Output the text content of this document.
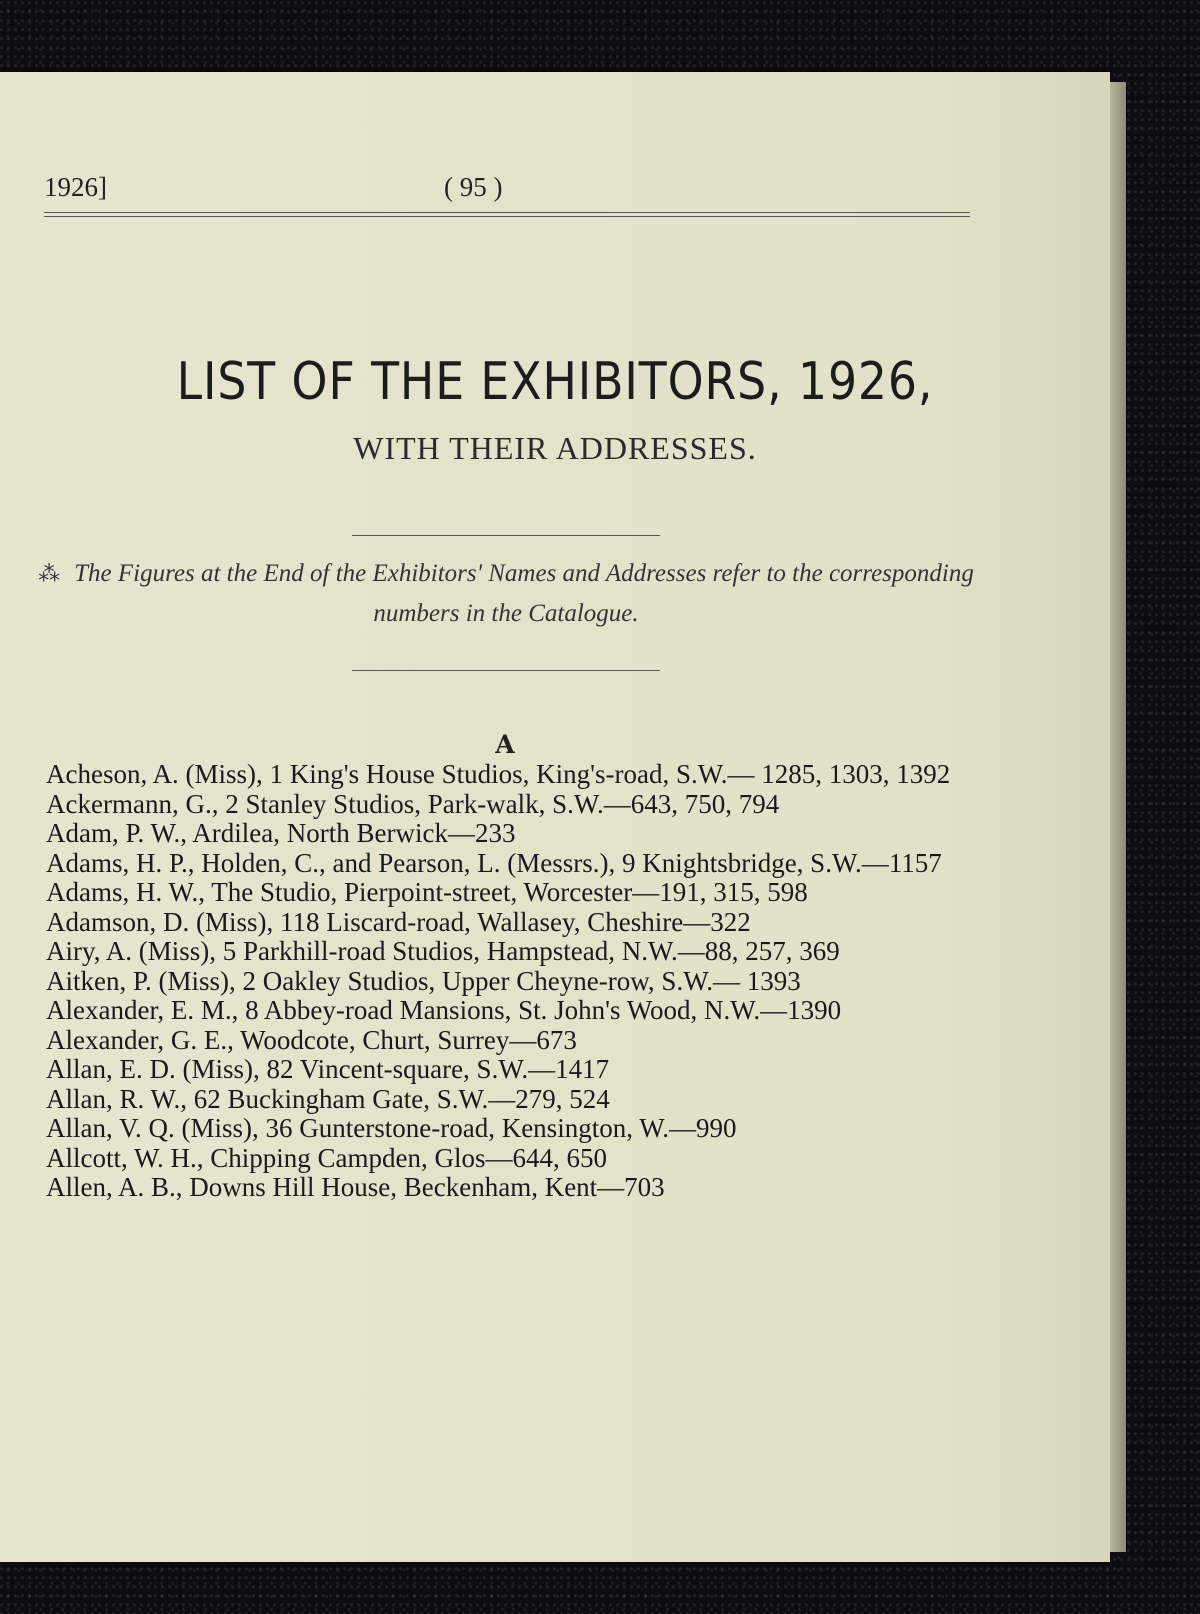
1926]	( 95 )
LIST OF THE EXHIBITORS, 1926,
WITH THEIR ADDRESSES.
⁂ The Figures at the End of the Exhibitors' Names and Addresses refer to the corresponding numbers in the Catalogue.
A
Acheson, A. (Miss), 1 King's House Studios, King's-road, S.W.— 1285, 1303, 1392
Ackermann, G., 2 Stanley Studios, Park-walk, S.W.—643, 750, 794
Adam, P. W., Ardilea, North Berwick—233
Adams, H. P., Holden, C., and Pearson, L. (Messrs.), 9 Knightsbridge, S.W.—1157
Adams, H. W., The Studio, Pierpoint-street, Worcester—191, 315, 598
Adamson, D. (Miss), 118 Liscard-road, Wallasey, Cheshire—322
Airy, A. (Miss), 5 Parkhill-road Studios, Hampstead, N.W.—88, 257, 369
Aitken, P. (Miss), 2 Oakley Studios, Upper Cheyne-row, S.W.— 1393
Alexander, E. M., 8 Abbey-road Mansions, St. John's Wood, N.W.—1390
Alexander, G. E., Woodcote, Churt, Surrey—673
Allan, E. D. (Miss), 82 Vincent-square, S.W.—1417
Allan, R. W., 62 Buckingham Gate, S.W.—279, 524
Allan, V. Q. (Miss), 36 Gunterstone-road, Kensington, W.—990
Allcott, W. H., Chipping Campden, Glos—644, 650
Allen, A. B., Downs Hill House, Beckenham, Kent—703
